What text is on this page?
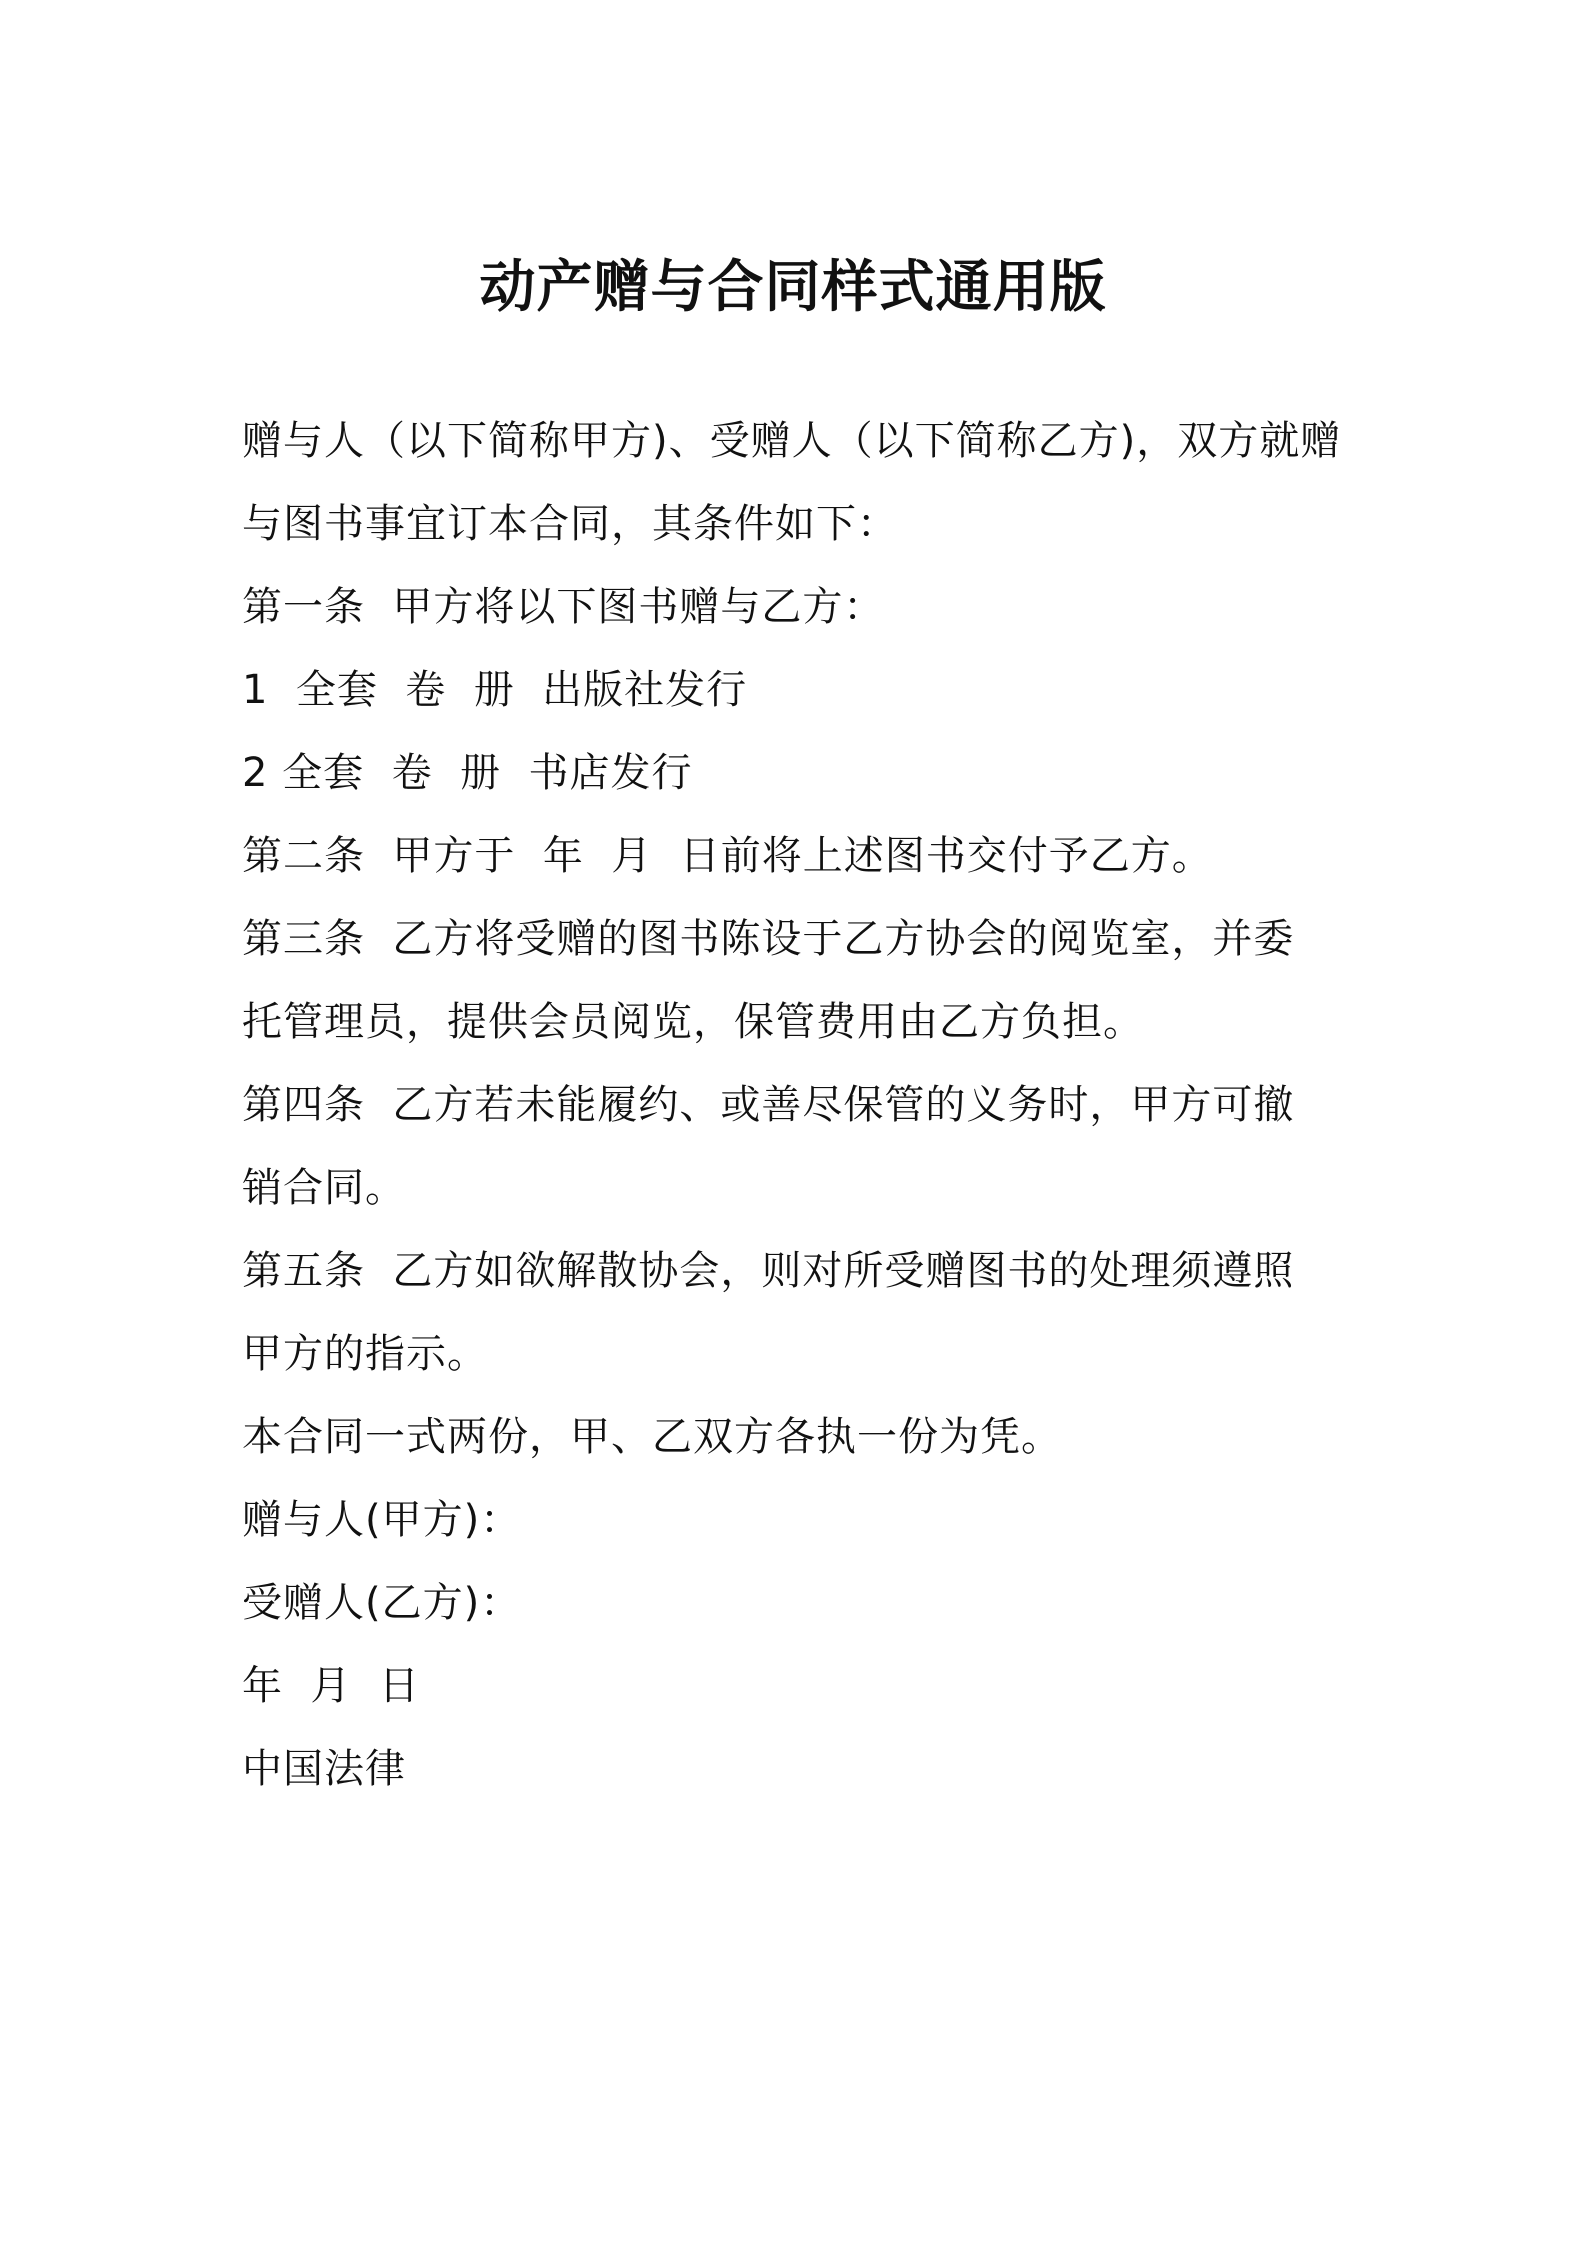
动产赠与合同样式通用版
赠与人（以下简称甲方)、受赠人（以下简称乙方)，双方就赠
与图书事宜订本合同，其条件如下：
第一条  甲方将以下图书赠与乙方：
1  全套  卷  册  出版社发行
2 全套  卷  册  书店发行
第二条  甲方于  年  月  日前将上述图书交付予乙方。
第三条  乙方将受赠的图书陈设于乙方协会的阅览室，并委
托管理员，提供会员阅览，保管费用由乙方负担。
第四条  乙方若未能履约、或善尽保管的义务时，甲方可撤
销合同。
第五条  乙方如欲解散协会，则对所受赠图书的处理须遵照
甲方的指示。
本合同一式两份，甲、乙双方各执一份为凭。
赠与人(甲方)：
受赠人(乙方)：
年  月  日
中国法律
